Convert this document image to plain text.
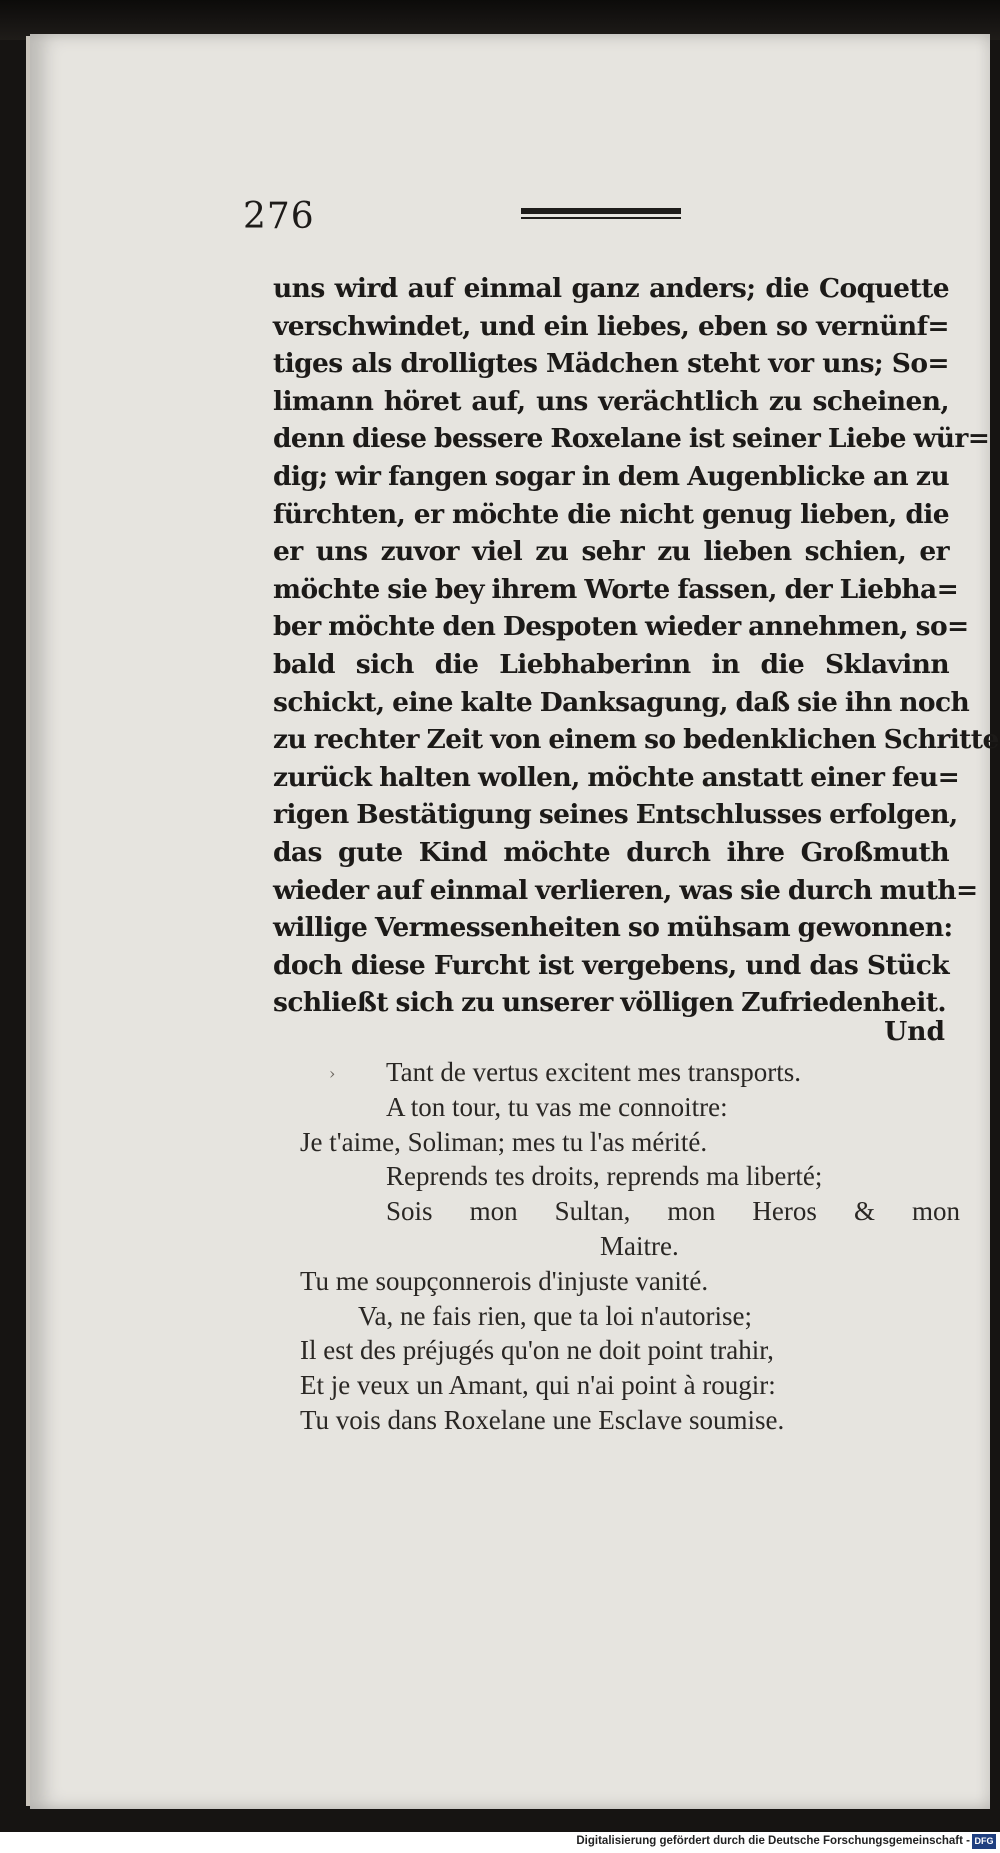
276
uns wird auf einmal ganz anders; die Coquette
verschwindet, und ein liebes, eben so vernünf=
tiges als drolligtes Mädchen steht vor uns; So=
limann höret auf, uns verächtlich zu scheinen,
denn diese bessere Roxelane ist seiner Liebe wür=
dig; wir fangen sogar in dem Augenblicke an zu
fürchten, er möchte die nicht genug lieben, die
er uns zuvor viel zu sehr zu lieben schien, er
möchte sie bey ihrem Worte fassen, der Liebha=
ber möchte den Despoten wieder annehmen, so=
bald sich die Liebhaberinn in die Sklavinn
schickt, eine kalte Danksagung, daß sie ihn noch
zu rechter Zeit von einem so bedenklichen Schritte
zurück halten wollen, möchte anstatt einer feu=
rigen Bestätigung seines Entschlusses erfolgen,
das gute Kind möchte durch ihre Großmuth
wieder auf einmal verlieren, was sie durch muth=
willige Vermessenheiten so mühsam gewonnen:
doch diese Furcht ist vergebens, und das Stück
schließt sich zu unserer völligen Zufriedenheit.
Und
›	Tant de vertus excitent mes transports.
A ton tour, tu vas me connoitre:
Je t'aime, Soliman; mes tu l'as mérité.
Reprends tes droits, reprends ma liberté;
Sois mon Sultan, mon Heros & mon
Maitre.
Tu me soupçonnerois d'injuste vanité.
Va, ne fais rien, que ta loi n'autorise;
Il est des préjugés qu'on ne doit point trahir,
Et je veux un Amant, qui n'ai point à rougir:
Tu vois dans Roxelane une Esclave soumise.
Digitalisierung gefördert durch die Deutsche Forschungsgemeinschaft - DFG
